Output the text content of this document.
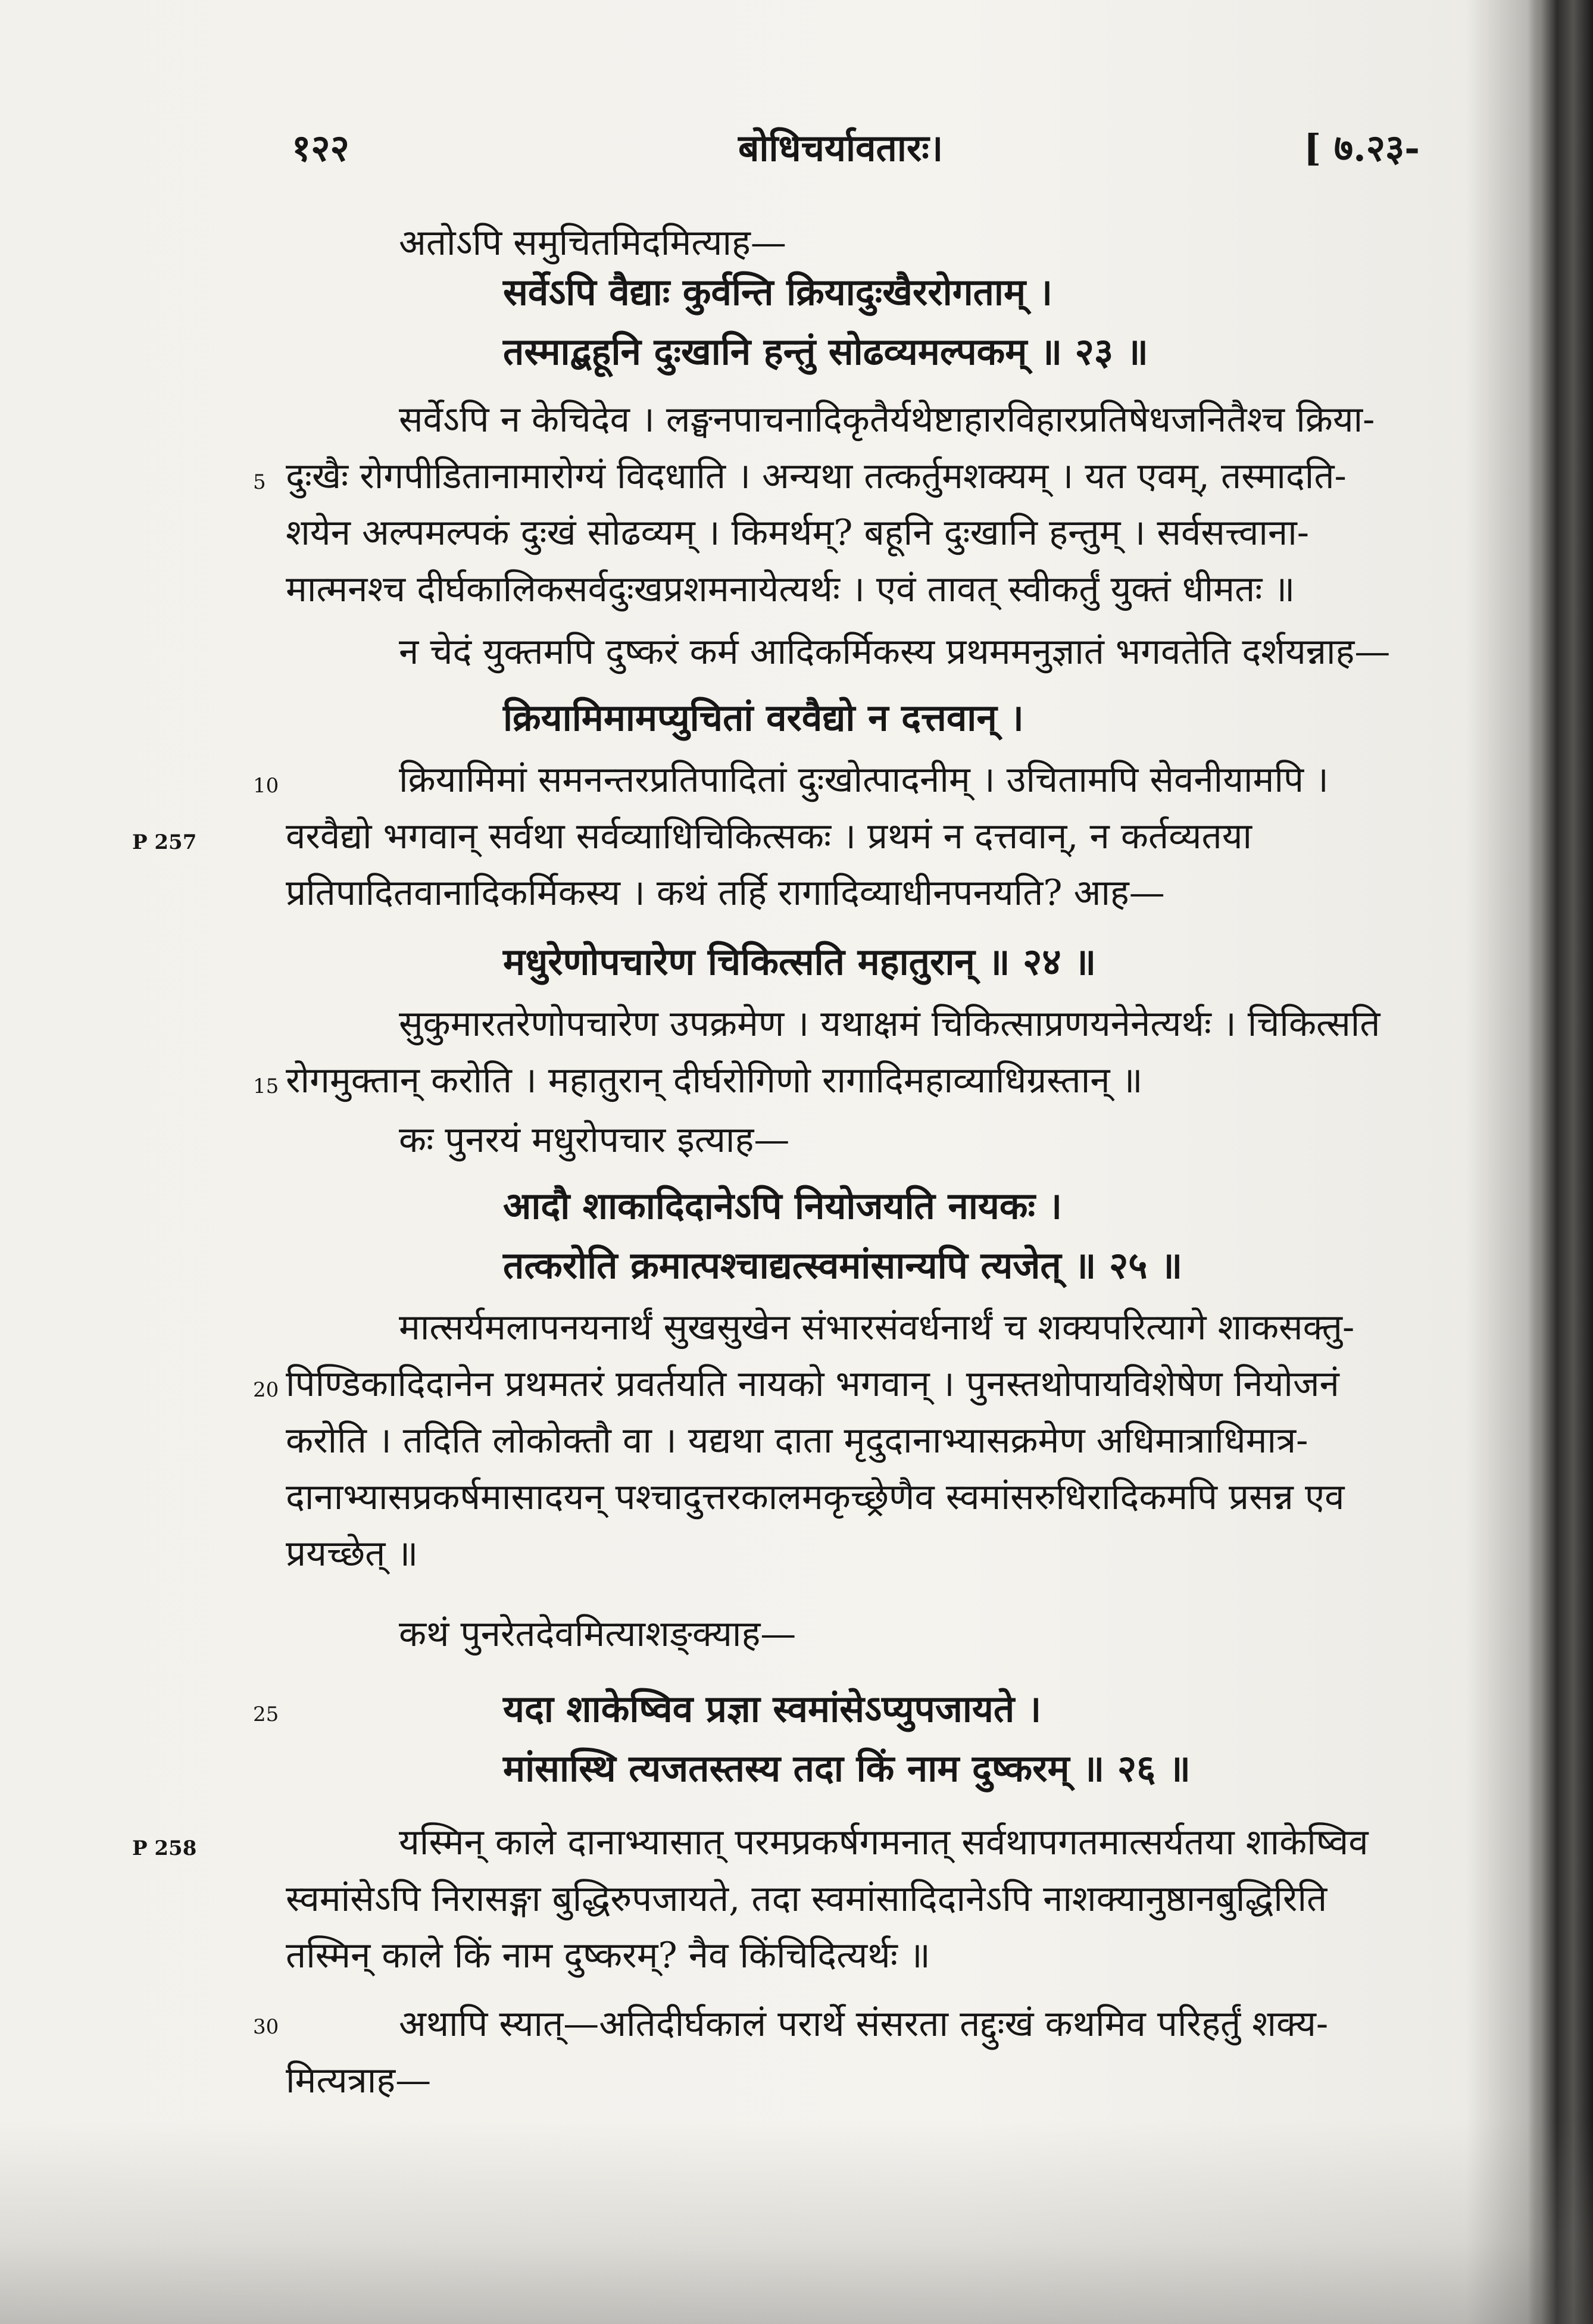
१२२	बोधिचर्यावतारः।	[ ७.२३-
अतोऽपि समुचितमिदमित्याह—
सर्वेऽपि वैद्याः कुर्वन्ति क्रियादुःखैररोगताम् ।
तस्माद्बहूनि दुःखानि हन्तुं सोढव्यमल्पकम् ॥ २३ ॥
सर्वेऽपि न केचिदेव । लङ्घनपाचनादिकृतैर्यथेष्टाहारविहारप्रतिषेधजनितैश्च क्रिया-
दुःखैः रोगपीडितानामारोग्यं विदधाति । अन्यथा तत्कर्तुमशक्यम् । यत एवम्, तस्मादति-
शयेन अल्पमल्पकं दुःखं सोढव्यम् । किमर्थम्? बहूनि दुःखानि हन्तुम् । सर्वसत्त्वाना-
मात्मनश्च दीर्घकालिकसर्वदुःखप्रशमनायेत्यर्थः । एवं तावत् स्वीकर्तुं युक्तं धीमतः ॥
न चेदं युक्तमपि दुष्करं कर्म आदिकर्मिकस्य प्रथममनुज्ञातं भगवतेति दर्शयन्नाह—
क्रियामिमामप्युचितां वरवैद्यो न दत्तवान् ।
क्रियामिमां समनन्तरप्रतिपादितां दुःखोत्पादनीम् । उचितामपि सेवनीयामपि ।
वरवैद्यो भगवान् सर्वथा सर्वव्याधिचिकित्सकः । प्रथमं न दत्तवान्, न कर्तव्यतया
प्रतिपादितवानादिकर्मिकस्य । कथं तर्हि रागादिव्याधीनपनयति? आह—
मधुरेणोपचारेण चिकित्सति महातुरान् ॥ २४ ॥
सुकुमारतरेणोपचारेण उपक्रमेण । यथाक्षमं चिकित्साप्रणयनेनेत्यर्थः । चिकित्सति
रोगमुक्तान् करोति । महातुरान् दीर्घरोगिणो रागादिमहाव्याधिग्रस्तान् ॥
कः पुनरयं मधुरोपचार इत्याह—
आदौ शाकादिदानेऽपि नियोजयति नायकः ।
तत्करोति क्रमात्पश्चाद्यत्स्वमांसान्यपि त्यजेत् ॥ २५ ॥
मात्सर्यमलापनयनार्थं सुखसुखेन संभारसंवर्धनार्थं च शक्यपरित्यागे शाकसक्तु-
पिण्डिकादिदानेन प्रथमतरं प्रवर्तयति नायको भगवान् । पुनस्तथोपायविशेषेण नियोजनं
करोति । तदिति लोकोक्तौ वा । यद्यथा दाता मृदुदानाभ्यासक्रमेण अधिमात्राधिमात्र-
दानाभ्यासप्रकर्षमासादयन् पश्चादुत्तरकालमकृच्छ्रेणैव स्वमांसरुधिरादिकमपि प्रसन्न एव
प्रयच्छेत् ॥
कथं पुनरेतदेवमित्याशङ्क्याह—
यदा शाकेष्विव प्रज्ञा स्वमांसेऽप्युपजायते ।
मांसास्थि त्यजतस्तस्य तदा किं नाम दुष्करम् ॥ २६ ॥
यस्मिन् काले दानाभ्यासात् परमप्रकर्षगमनात् सर्वथापगतमात्सर्यतया शाकेष्विव
स्वमांसेऽपि निरासङ्गा बुद्धिरुपजायते, तदा स्वमांसादिदानेऽपि नाशक्यानुष्ठानबुद्धिरिति
तस्मिन् काले किं नाम दुष्करम्? नैव किंचिदित्यर्थः ॥
अथापि स्यात्—अतिदीर्घकालं परार्थे संसरता तद्दुःखं कथमिव परिहर्तुं शक्य-
मित्यत्राह—
5
10
15
20
25
30
P 257
P 258
